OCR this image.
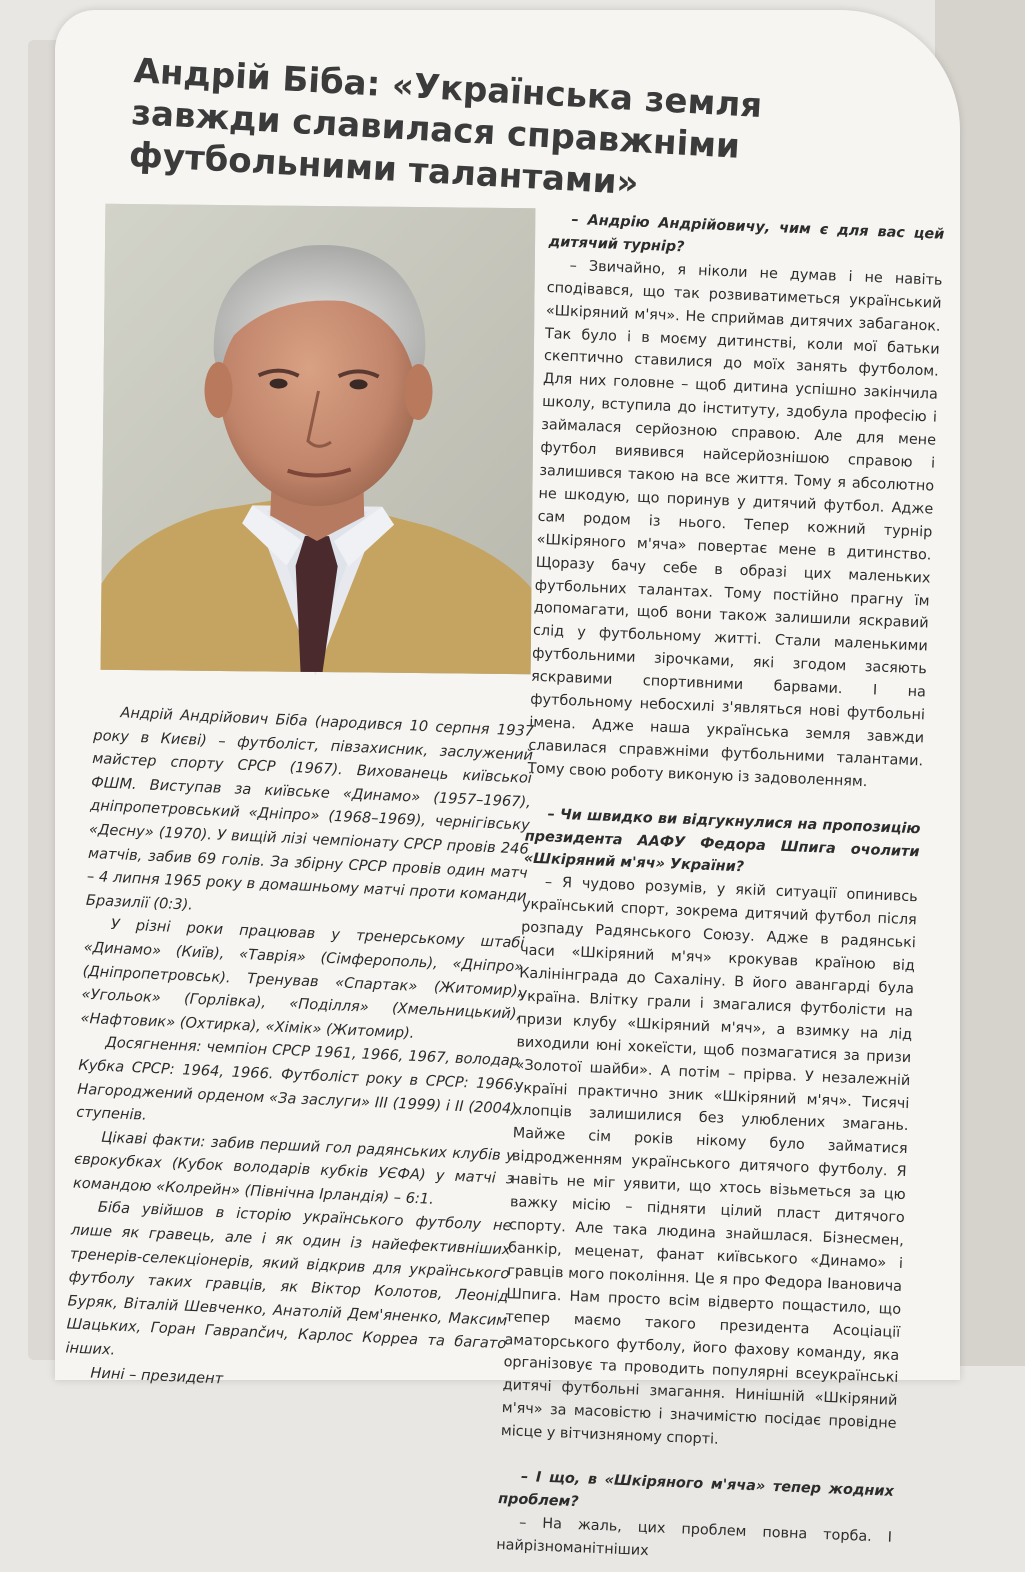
Андрій Біба: «Українська земля завжди славилася справжніми футбольними талантами»

Андрій Андрійович Біба (народився 10 серпня 1937 року в Києві) – футболіст, півзахисник, заслужений майстер спорту СРСР (1967). Вихованець київської ФШМ. Виступав за київське «Динамо» (1957–1967), дніпропетровський «Дніпро» (1968–1969), чернігівську «Десну» (1970). У вищій лізі чемпіонату СРСР провів 246 матчів, забив 69 голів. За збірну СРСР провів один матч – 4 липня 1965 року в домашньому матчі проти команди Бразилії (0:3).

У різні роки працював у тренерському штабі «Динамо» (Київ), «Таврія» (Сімферополь), «Дніпро» (Дніпропетровськ). Тренував «Спартак» (Житомир), «Угольок» (Горлівка), «Поділля» (Хмельницький), «Нафтовик» (Охтирка), «Хімік» (Житомир).

Досягнення: чемпіон СРСР 1961, 1966, 1967, володар Кубка СРСР: 1964, 1966. Футболіст року в СРСР: 1966. Нагороджений орденом «За заслуги» ІІІ (1999) і ІІ (2004) ступенів.

Цікаві факти: забив перший гол радянських клубів у єврокубках (Кубок володарів кубків УЄФА) у матчі з командою «Колрейн» (Північна Ірландія) – 6:1.

Біба увійшов в історію українського футболу не лише як гравець, але і як один із найефективніших тренерів-селекціонерів, який відкрив для українського футболу таких гравців, як Віктор Колотов, Леонід Буряк, Віталій Шевченко, Анатолій Дем'яненко, Максим Шацьких, Горан Гаврančич, Карлос Коррea та багато інших.

Нині – президент

– Андрію Андрійовичу, чим є для вас цей дитячий турнір?

– Звичайно, я ніколи не думав і не навіть сподівався, що так розвиватиметься український «Шкіряний м'яч». Не сприймав дитячих забаганок. Так було і в моєму дитинстві, коли мої батьки скептично ставилися до моїх занять футболом. Для них головне – щоб дитина успішно закінчила школу, вступила до інституту, здобула професію і займалася серйозною справою. Але для мене футбол виявився найсерйознішою справою і залишився такою на все життя. Тому я абсолютно не шкодую, що поринув у дитячий футбол. Адже сам родом із нього. Тепер кожний турнір «Шкіряного м'яча» повертає мене в дитинство. Щоразу бачу себе в образі цих маленьких футбольних талантах. Тому постійно прагну їм допомагати, щоб вони також залишили яскравий слід у футбольному житті. Стали маленькими футбольними зірочками, які згодом засяють яскравими спортивними барвами. І на футбольному небосхилі з'являться нові футбольні імена. Адже наша українська земля завжди славилася справжніми футбольними талантами. Тому свою роботу виконую із задоволенням.

– Чи швидко ви відгукнулися на пропозицію президента ААФУ Федора Шпига очолити «Шкіряний м'яч» України?

– Я чудово розумів, у якій ситуації опинивсь український спорт, зокрема дитячий футбол після розпаду Радянського Союзу. Адже в радянські часи «Шкіряний м'яч» крокував країною від Калінінграда до Сахаліну. В його авангарді була Україна. Влітку грали і змагалися футболісти на призи клубу «Шкіряний м'яч», а взимку на лід виходили юні хокеїсти, щоб позмагатися за призи «Золотої шайби». А потім – прірва. У незалежній Україні практично зник «Шкіряний м'яч». Тисячі хлопців залишилися без улюблених змагань. Майже сім років нікому було займатися відродженням українського дитячого футболу. Я навіть не міг уявити, що хтось візьметься за цю важку місію – підняти цілий пласт дитячого спорту. Але така людина знайшлася. Бізнесмен, банкір, меценат, фанат київського «Динамо» і гравців мого покоління. Це я про Федора Івановича Шпига. Нам просто всім відверто пощастило, що тепер маємо такого президента Асоціації аматорського футболу, його фахову команду, яка організовує та проводить популярні всеукраїнські дитячі футбольні змагання. Нинішній «Шкіряний м'яч» за масовістю і значимістю посідає провідне місце у вітчизняному спорті.

– І що, в «Шкіряного м'яча» тепер жодних проблем?

– На жаль, цих проблем повна торба. І найрізноманітніших
